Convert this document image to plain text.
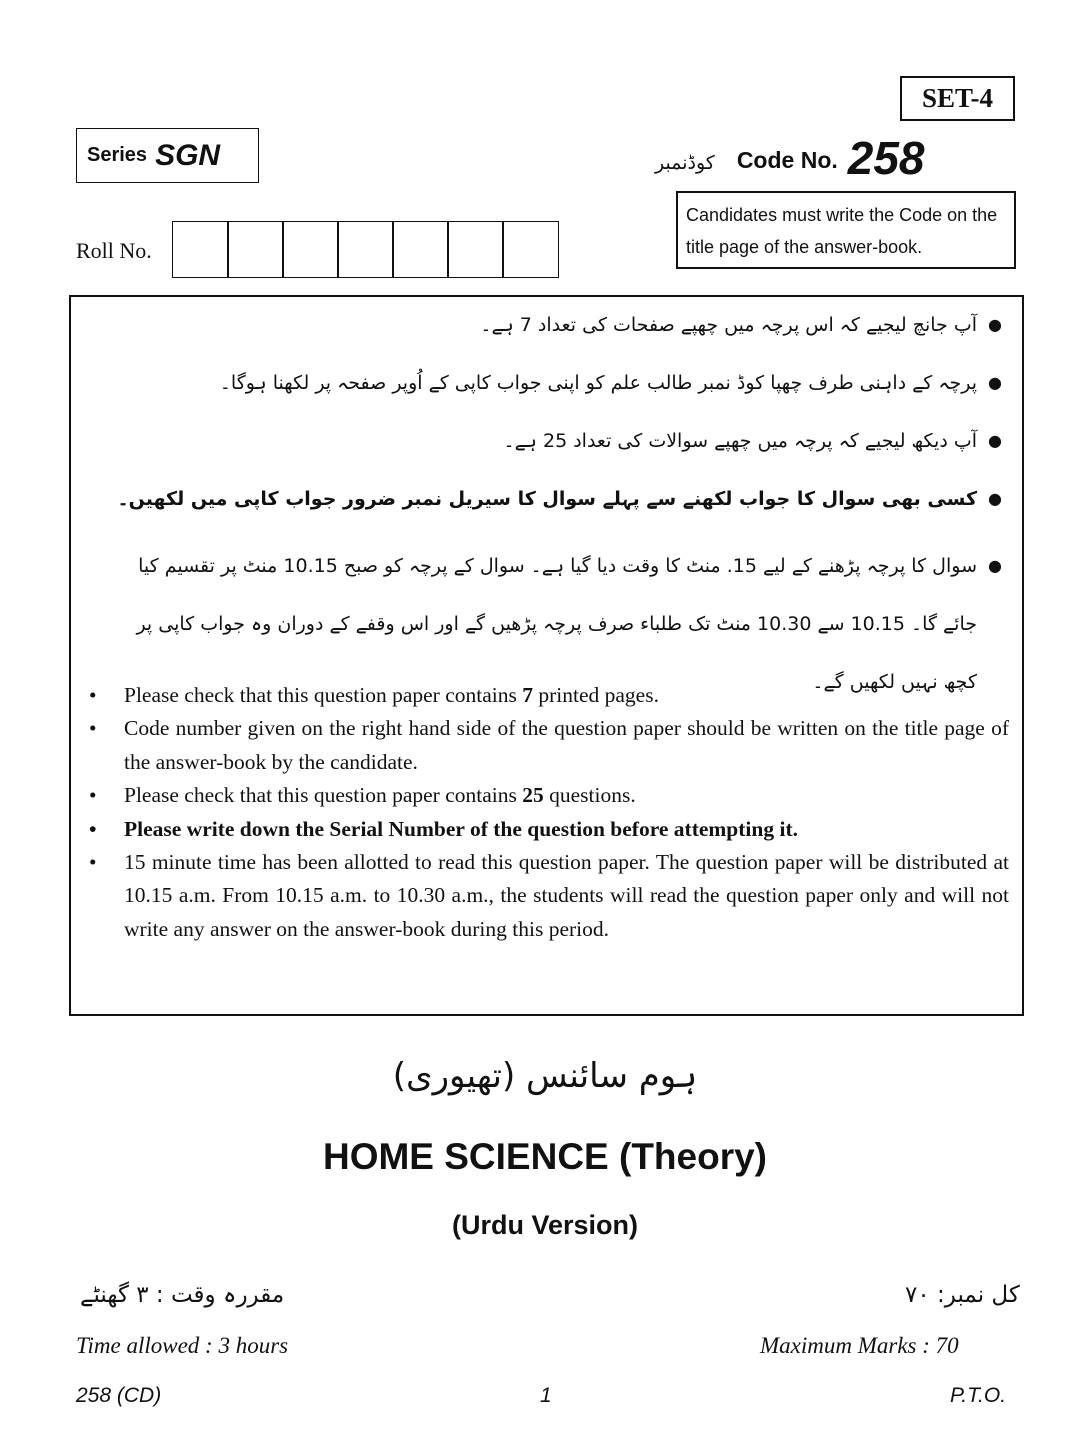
SET-4
Series SGN	کوڈنمبر Code No. 258
Candidates must write the Code on the title page of the answer-book.
Roll No.
●
آپ جانچ لیجیے کہ اس پرچہ میں چھپے صفحات کی تعداد 7 ہے۔
●
پرچہ کے داہنی طرف چھپا کوڈ نمبر طالب علم کو اپنی جواب کاپی کے اُوپر صفحہ پر لکھنا ہوگا۔
●
آپ دیکھ لیجیے کہ پرچہ میں چھپے سوالات کی تعداد 25 ہے۔
●
کسی بھی سوال کا جواب لکھنے سے پہلے سوال کا سیریل نمبر ضرور جواب کاپی میں لکھیں۔
●
سوال کا پرچہ پڑھنے کے لیے 15. منٹ کا وقت دیا گیا ہے۔ سوال کے پرچہ کو صبح 10.15 منٹ پر تقسیم کیا جائے گا۔ 10.15 سے 10.30 منٹ تک طلباء صرف پرچہ پڑھیں گے اور اس وقفے کے دوران وہ جواب کاپی پر کچھ نہیں لکھیں گے۔
• Please check that this question paper contains 7 printed pages.
• Code number given on the right hand side of the question paper should be written on the title page of the answer-book by the candidate.
• Please check that this question paper contains 25 questions.
• Please write down the Serial Number of the question before attempting it.
• 15 minute time has been allotted to read this question paper. The question paper will be distributed at 10.15 a.m. From 10.15 a.m. to 10.30 a.m., the students will read the question paper only and will not write any answer on the answer-book during this period.
ہوم سائنس (تھیوری)
HOME SCIENCE (Theory)
(Urdu Version)
مقررہ وقت : ۳ گھنٹے	کل نمبر: ۷۰
Time allowed : 3 hours	Maximum Marks : 70
258 (CD)	1	P.T.O.
